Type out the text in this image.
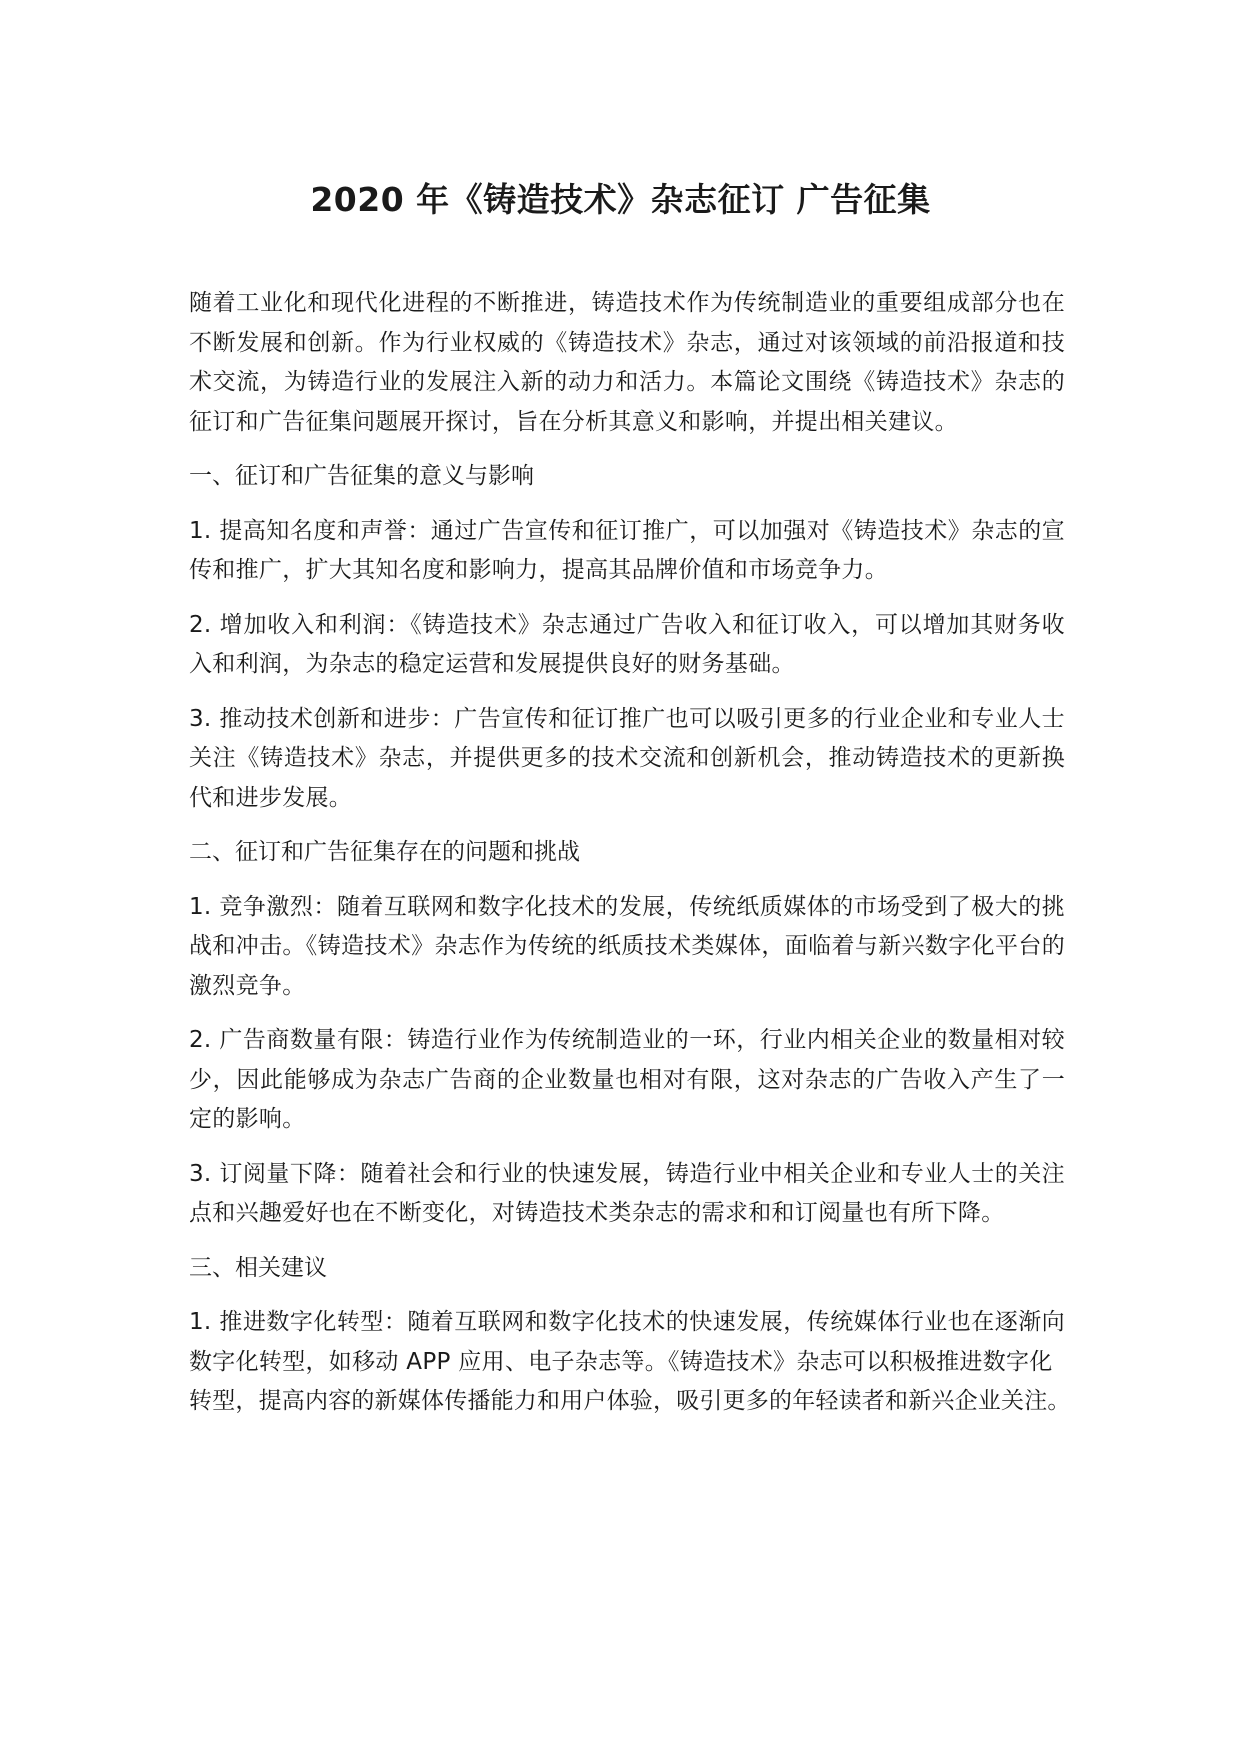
2020 年《铸造技术》杂志征订 广告征集

随着工业化和现代化进程的不断推进，铸造技术作为传统制造业的重要组成部分也在不断发展和创新。作为行业权威的《铸造技术》杂志，通过对该领域的前沿报道和技术交流，为铸造行业的发展注入新的动力和活力。本篇论文围绕《铸造技术》杂志的征订和广告征集问题展开探讨，旨在分析其意义和影响，并提出相关建议。

一、征订和广告征集的意义与影响

1. 提高知名度和声誉：通过广告宣传和征订推广，可以加强对《铸造技术》杂志的宣传和推广，扩大其知名度和影响力，提高其品牌价值和市场竞争力。

2. 增加收入和利润：《铸造技术》杂志通过广告收入和征订收入，可以增加其财务收入和利润，为杂志的稳定运营和发展提供良好的财务基础。

3. 推动技术创新和进步：广告宣传和征订推广也可以吸引更多的行业企业和专业人士关注《铸造技术》杂志，并提供更多的技术交流和创新机会，推动铸造技术的更新换代和进步发展。

二、征订和广告征集存在的问题和挑战

1. 竞争激烈：随着互联网和数字化技术的发展，传统纸质媒体的市场受到了极大的挑战和冲击。《铸造技术》杂志作为传统的纸质技术类媒体，面临着与新兴数字化平台的激烈竞争。

2. 广告商数量有限：铸造行业作为传统制造业的一环，行业内相关企业的数量相对较少，因此能够成为杂志广告商的企业数量也相对有限，这对杂志的广告收入产生了一定的影响。

3. 订阅量下降：随着社会和行业的快速发展，铸造行业中相关企业和专业人士的关注点和兴趣爱好也在不断变化，对铸造技术类杂志的需求和和订阅量也有所下降。

三、相关建议

1. 推进数字化转型：随着互联网和数字化技术的快速发展，传统媒体行业也在逐渐向数字化转型，如移动 APP 应用、电子杂志等。《铸造技术》杂志可以积极推进数字化

转型，提高内容的新媒体传播能力和用户体验，吸引更多的年轻读者和新兴企业关注。
